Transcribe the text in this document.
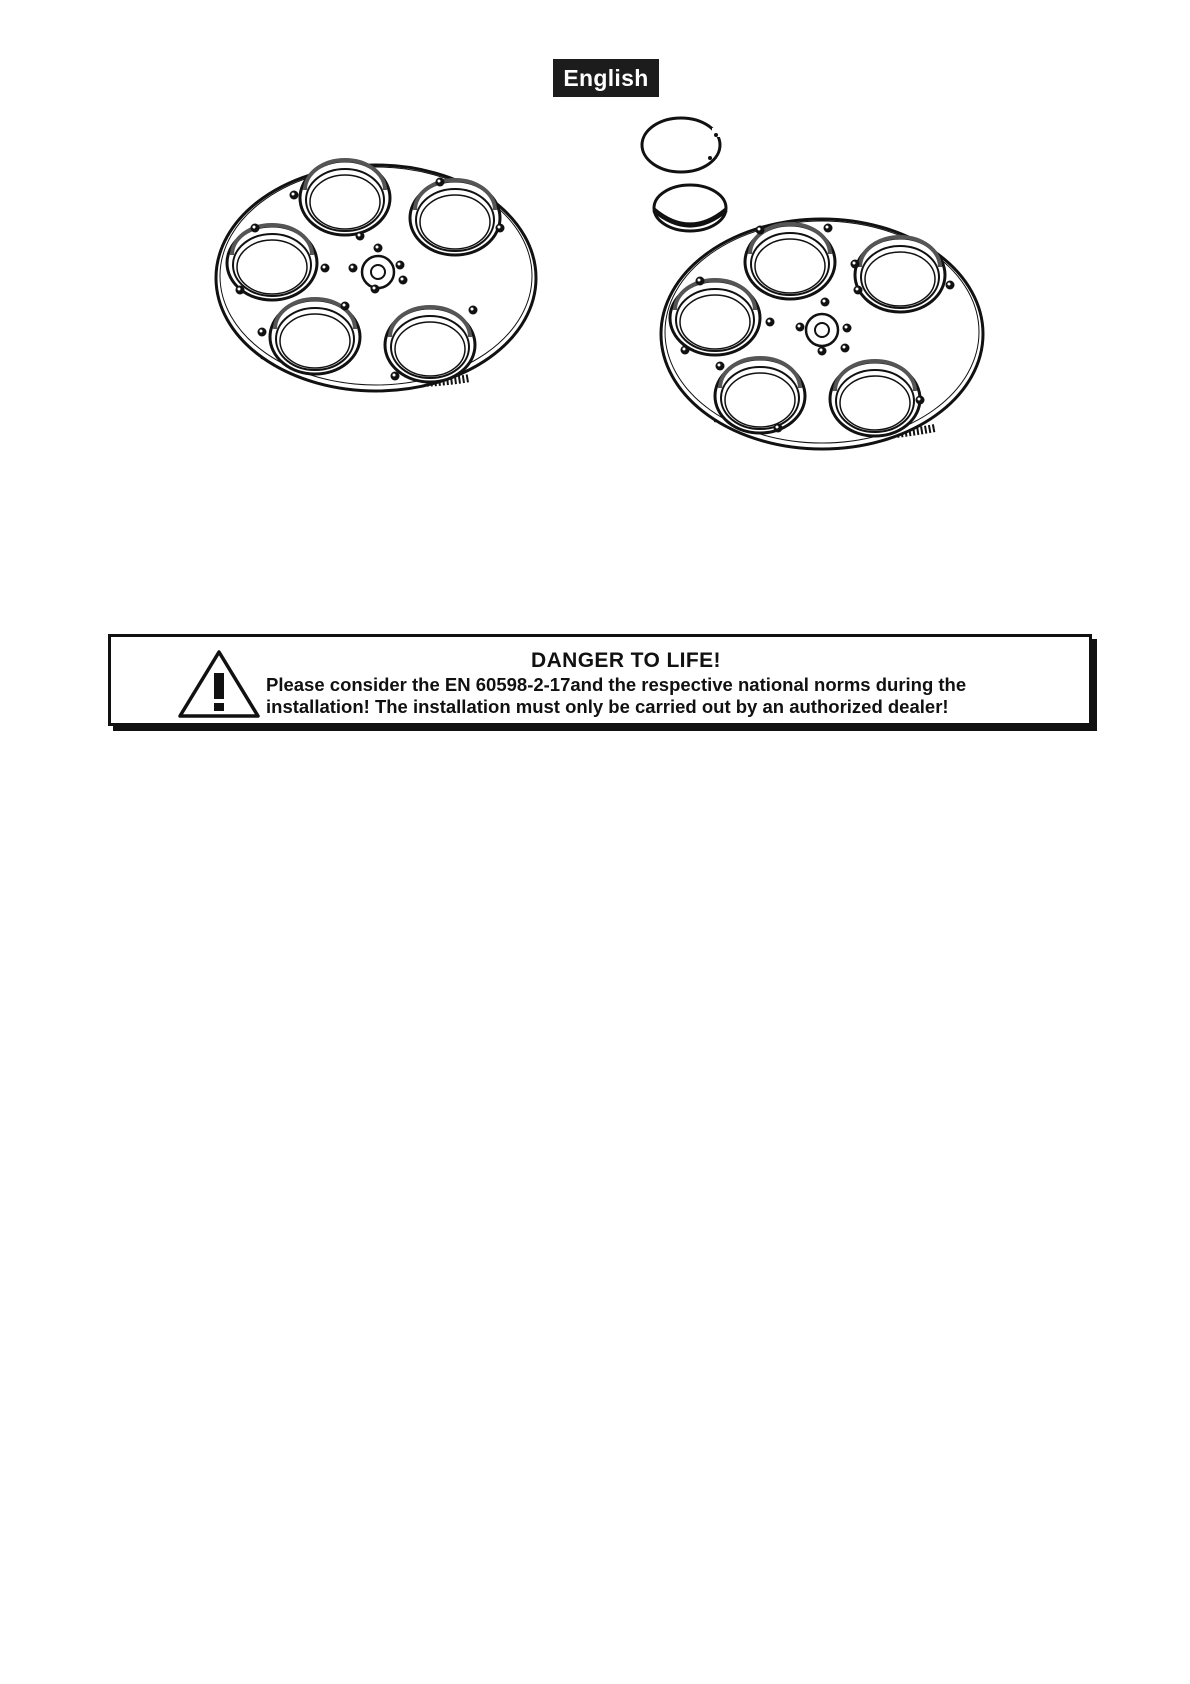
English
DANGER TO LIFE!
Please consider the EN 60598-2-17and the respective national norms during the
installation! The installation must only be carried out by an authorized dealer!
